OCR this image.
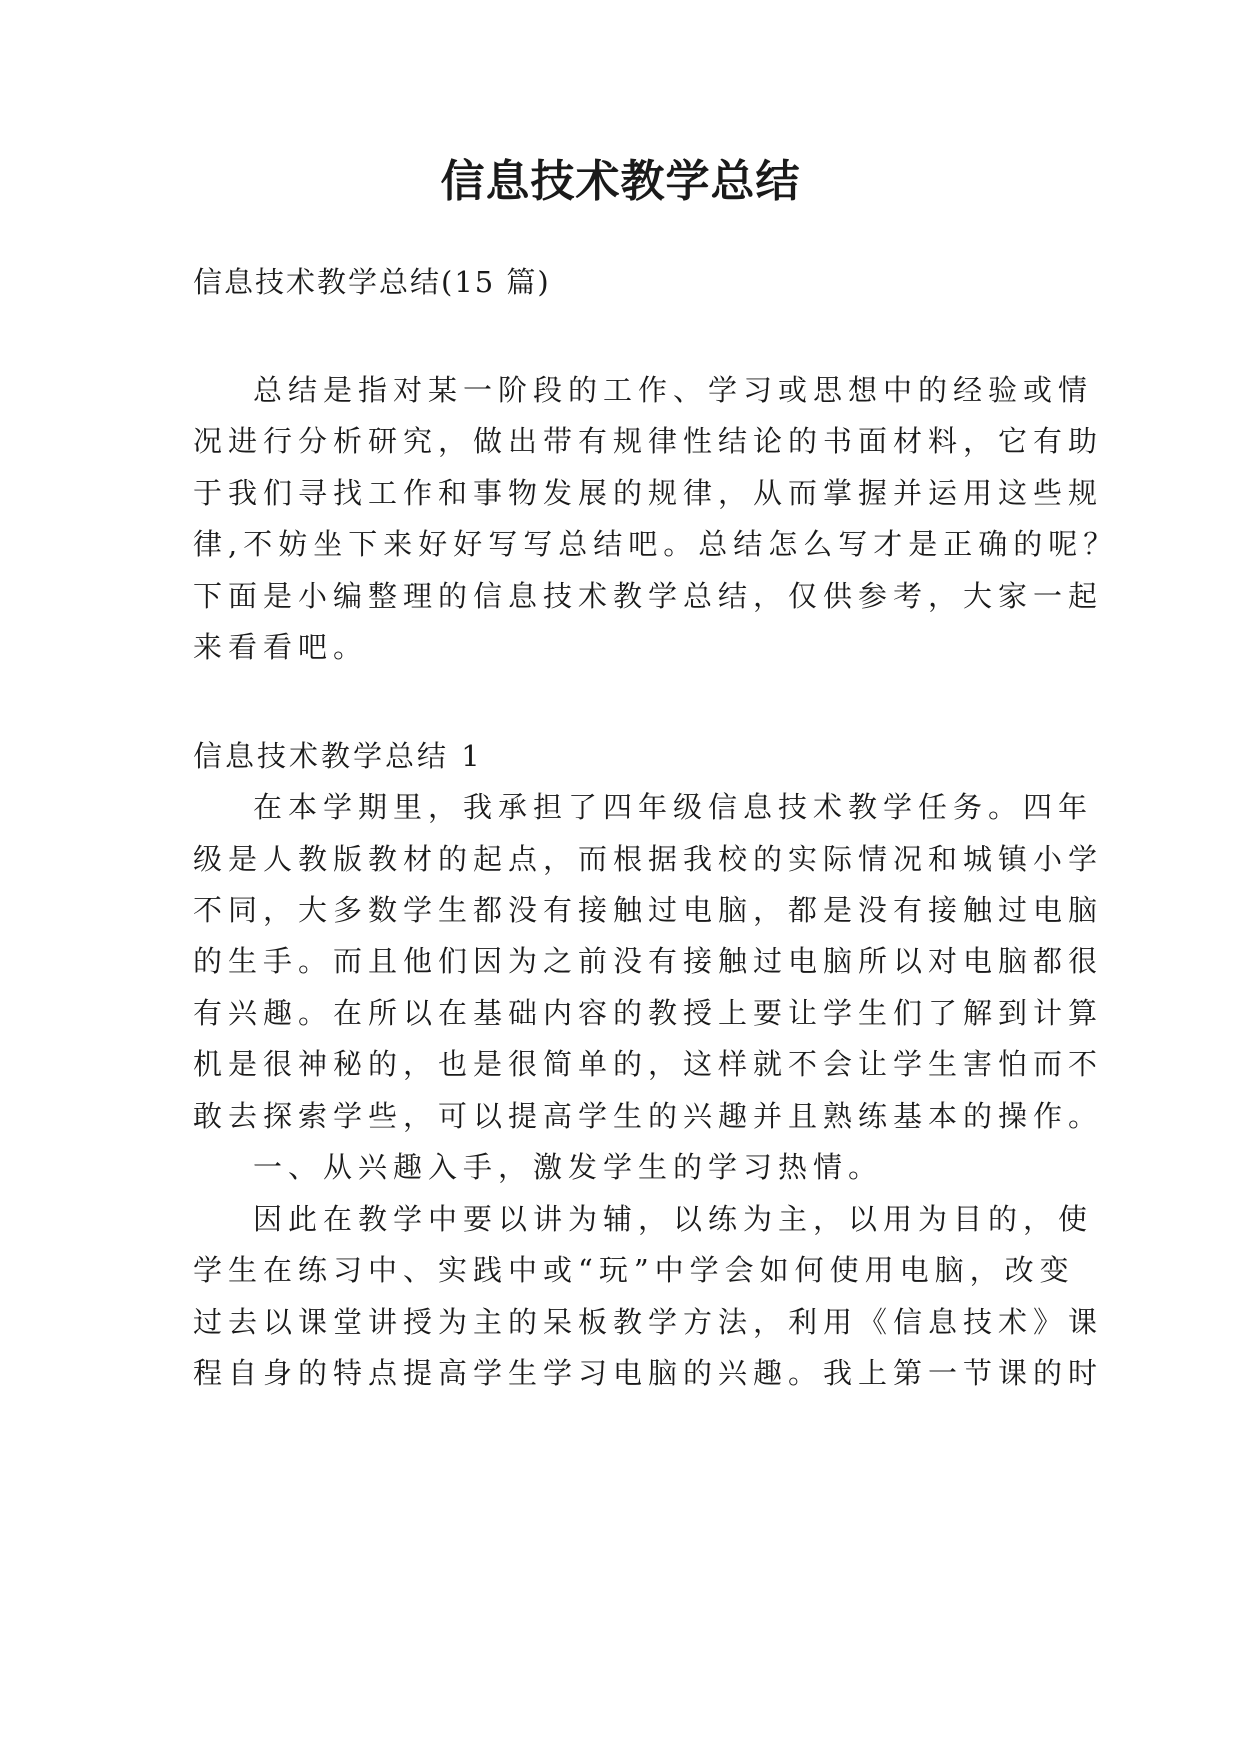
信息技术教学总结
信息技术教学总结(15 篇)
总结是指对某一阶段的工作、学习或思想中的经验或情
况进行分析研究，做出带有规律性结论的书面材料，它有助
于我们寻找工作和事物发展的规律，从而掌握并运用这些规
律,不妨坐下来好好写写总结吧。总结怎么写才是正确的呢？
下面是小编整理的信息技术教学总结，仅供参考，大家一起
来看看吧。
信息技术教学总结 1
在本学期里，我承担了四年级信息技术教学任务。四年
级是人教版教材的起点，而根据我校的实际情况和城镇小学
不同，大多数学生都没有接触过电脑，都是没有接触过电脑
的生手。而且他们因为之前没有接触过电脑所以对电脑都很
有兴趣。在所以在基础内容的教授上要让学生们了解到计算
机是很神秘的，也是很简单的，这样就不会让学生害怕而不
敢去探索学些，可以提高学生的兴趣并且熟练基本的操作。
一、从兴趣入手，激发学生的学习热情。
因此在教学中要以讲为辅，以练为主，以用为目的，使
学生在练习中、实践中或“玩”中学会如何使用电脑，改变
过去以课堂讲授为主的呆板教学方法，利用《信息技术》课
程自身的特点提高学生学习电脑的兴趣。我上第一节课的时
